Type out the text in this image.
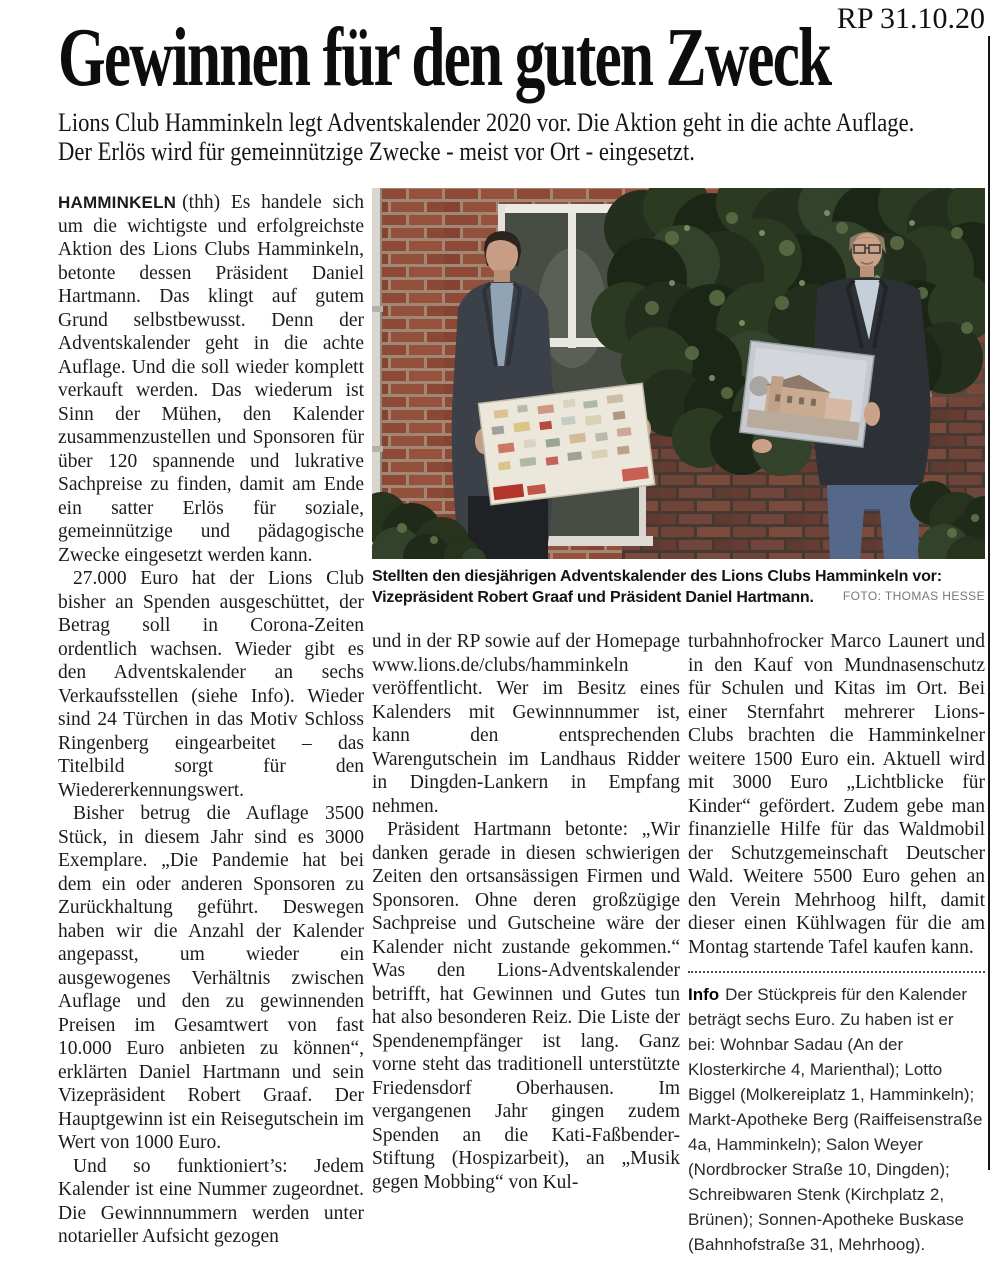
RP 31.10.20
Gewinnen für den guten Zweck
Lions Club Hamminkeln legt Adventskalender 2020 vor. Die Aktion geht in die achte Auflage. Der Erlös wird für gemeinnützige Zwecke - meist vor Ort - eingesetzt.

HAMMINKELN (thh) Es handele sich um die wichtigste und erfolgreichste Aktion des Lions Clubs Hamminkeln, betonte dessen Präsident Daniel Hartmann. Das klingt auf gutem Grund selbstbewusst. Denn der Adventskalender geht in die achte Auflage. Und die soll wieder komplett verkauft werden. Das wiederum ist Sinn der Mühen, den Kalender zusammenzustellen und Sponsoren für über 120 spannende und lukrative Sachpreise zu finden, damit am Ende ein satter Erlös für soziale, gemeinnützige und pädagogische Zwecke eingesetzt werden kann.

27.000 Euro hat der Lions Club bisher an Spenden ausgeschüttet, der Betrag soll in Corona-Zeiten ordentlich wachsen. Wieder gibt es den Adventskalender an sechs Verkaufsstellen (siehe Info). Wieder sind 24 Türchen in das Motiv Schloss Ringenberg eingearbeitet – das Titelbild sorgt für den Wiedererkennungswert.

Bisher betrug die Auflage 3500 Stück, in diesem Jahr sind es 3000 Exemplare. „Die Pandemie hat bei dem ein oder anderen Sponsoren zu Zurückhaltung geführt. Deswegen haben wir die Anzahl der Kalender angepasst, um wieder ein ausgewogenes Verhältnis zwischen Auflage und den zu gewinnenden Preisen im Gesamtwert von fast 10.000 Euro anbieten zu können“, erklärten Daniel Hartmann und sein Vizepräsident Robert Graaf. Der Hauptgewinn ist ein Reisegutschein im Wert von 1000 Euro.

Und so funktioniert’s: Jedem Kalender ist eine Nummer zugeordnet. Die Gewinnnummern werden unter notarieller Aufsicht gezogen

Stellten den diesjährigen Adventskalender des Lions Clubs Hamminkeln vor: Vizepräsident Robert Graaf und Präsident Daniel Hartmann. FOTO: THOMAS HESSE

und in der RP sowie auf der Homepage www.lions.de/clubs/hamminkeln veröffentlicht. Wer im Besitz eines Kalenders mit Gewinnnummer ist, kann den entsprechenden Warengutschein im Landhaus Ridder in Dingden-Lankern in Empfang nehmen.

Präsident Hartmann betonte: „Wir danken gerade in diesen schwierigen Zeiten den ortsansässigen Firmen und Sponsoren. Ohne deren großzügige Sachpreise und Gutscheine wäre der Kalender nicht zustande gekommen.“ Was den Lions-Adventskalender betrifft, hat Gewinnen und Gutes tun hat also besonderen Reiz. Die Liste der Spendenempfänger ist lang. Ganz vorne steht das traditionell unterstützte Friedensdorf Oberhausen. Im vergangenen Jahr gingen zudem Spenden an die Kati-Faßbender-Stiftung (Hospizarbeit), an „Musik gegen Mobbing“ von Kul-

turbahnhofrocker Marco Launert und in den Kauf von Mundnasenschutz für Schulen und Kitas im Ort. Bei einer Sternfahrt mehrerer Lions-Clubs brachten die Hamminkelner weitere 1500 Euro ein. Aktuell wird mit 3000 Euro „Lichtblicke für Kinder“ gefördert. Zudem gebe man finanzielle Hilfe für das Waldmobil der Schutzgemeinschaft Deutscher Wald. Weitere 5500 Euro gehen an den Verein Mehrhoog hilft, damit dieser einen Kühlwagen für die am Montag startende Tafel kaufen kann.

Info Der Stückpreis für den Kalender beträgt sechs Euro. Zu haben ist er bei: Wohnbar Sadau (An der Klosterkirche 4, Marienthal); Lotto Biggel (Molkereiplatz 1, Hamminkeln); Markt-Apotheke Berg (Raiffeisenstraße 4a, Hamminkeln); Salon Weyer (Nordbrocker Straße 10, Dingden); Schreibwaren Stenk (Kirchplatz 2, Brünen); Sonnen-Apotheke Buskase (Bahnhofstraße 31, Mehrhoog).
